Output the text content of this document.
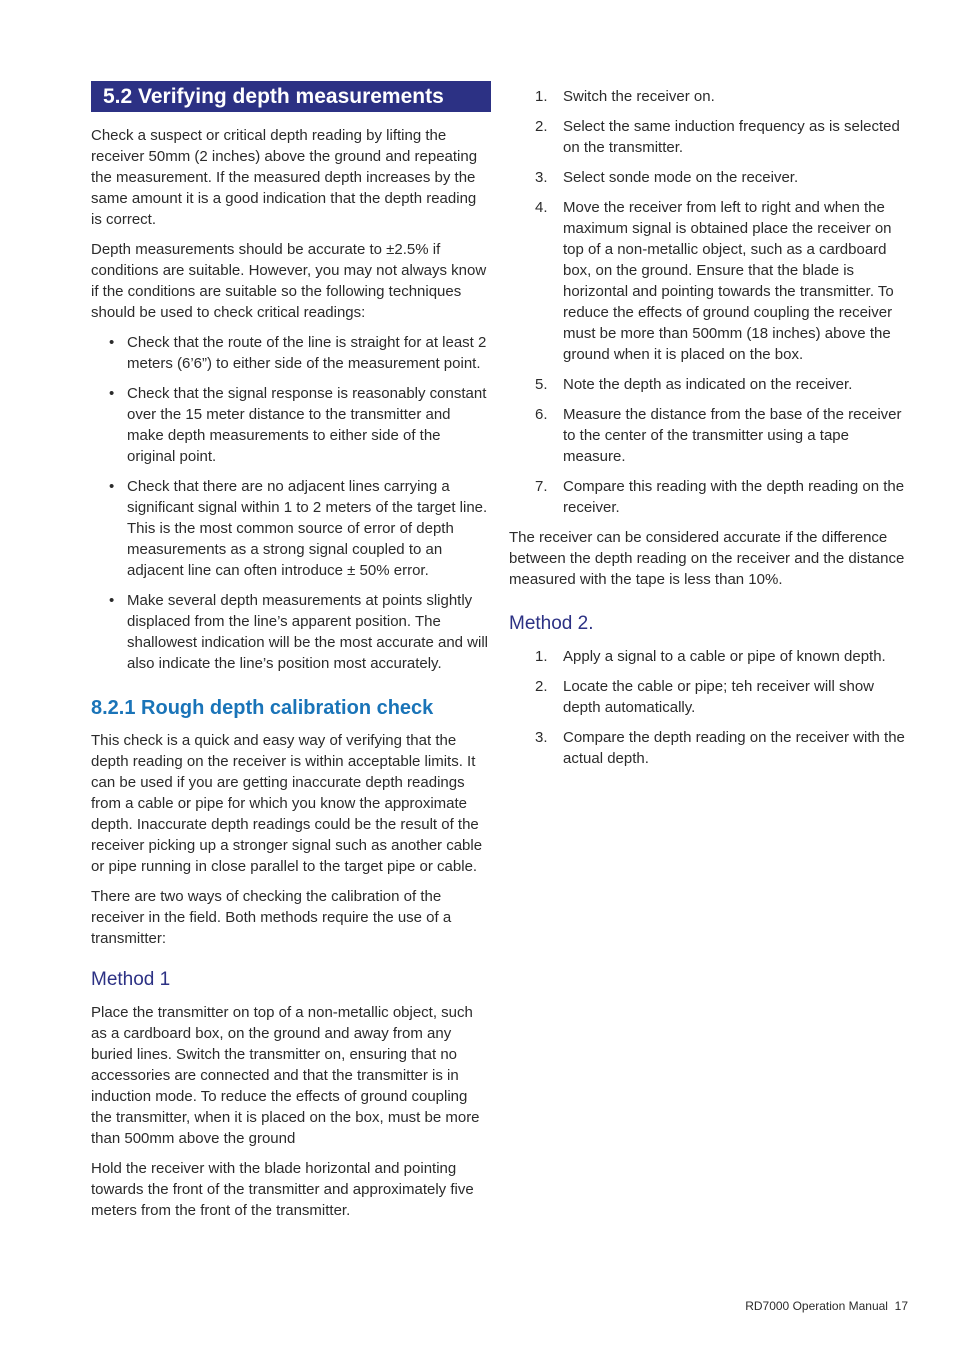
5.2 Verifying depth measurements

Check a suspect or critical depth reading by lifting the receiver 50mm (2 inches) above the ground and repeating the measurement. If the measured depth increases by the same amount it is a good indication that the depth reading is correct.

Depth measurements should be accurate to ±2.5% if conditions are suitable. However, you may not always know if the conditions are suitable so the following techniques should be used to check critical readings:

• Check that the route of the line is straight for at least 2 meters (6’6”) to either side of the measurement point.
• Check that the signal response is reasonably constant over the 15 meter distance to the transmitter and make depth measurements to either side of the original point.
• Check that there are no adjacent lines carrying a significant signal within 1 to 2 meters of the target line. This is the most common source of error of depth measurements as a strong signal coupled to an adjacent line can often introduce ± 50% error.
• Make several depth measurements at points slightly displaced from the line’s apparent position. The shallowest indication will be the most accurate and will also indicate the line’s position most accurately.
8.2.1 Rough depth calibration check

This check is a quick and easy way of verifying that the depth reading on the receiver is within acceptable limits. It can be used if you are getting inaccurate depth readings from a cable or pipe for which you know the approximate depth. Inaccurate depth readings could be the result of the receiver picking up a stronger signal such as another cable or pipe running in close parallel to the target pipe or cable.

There are two ways of checking the calibration of the receiver in the field. Both methods require the use of a transmitter:

Method 1

Place the transmitter on top of a non-metallic object, such as a cardboard box, on the ground and away from any buried lines. Switch the transmitter on, ensuring that no accessories are connected and that the transmitter is in induction mode. To reduce the effects of ground coupling the transmitter, when it is placed on the box, must be more than 500mm above the ground

Hold the receiver with the blade horizontal and pointing towards the front of the transmitter and approximately five meters from the front of the transmitter.

1. Switch the receiver on.
2. Select the same induction frequency as is selected on the transmitter.
3. Select sonde mode on the receiver.
4. Move the receiver from left to right and when the maximum signal is obtained place the receiver on top of a non-metallic object, such as a cardboard box, on the ground. Ensure that the blade is horizontal and pointing towards the transmitter. To reduce the effects of ground coupling the receiver must be more than 500mm (18 inches) above the ground when it is placed on the box.
5. Note the depth as indicated on the receiver.
6. Measure the distance from the base of the receiver to the center of the transmitter using a tape measure.
7. Compare this reading with the depth reading on the receiver.

The receiver can be considered accurate if the difference between the depth reading on the receiver and the distance measured with the tape is less than 10%.

Method 2.
1. Apply a signal to a cable or pipe of known depth.
2. Locate the cable or pipe; teh receiver will show depth automatically.
3. Compare the depth reading on the receiver with the actual depth.
RD7000 Operation Manual 17
